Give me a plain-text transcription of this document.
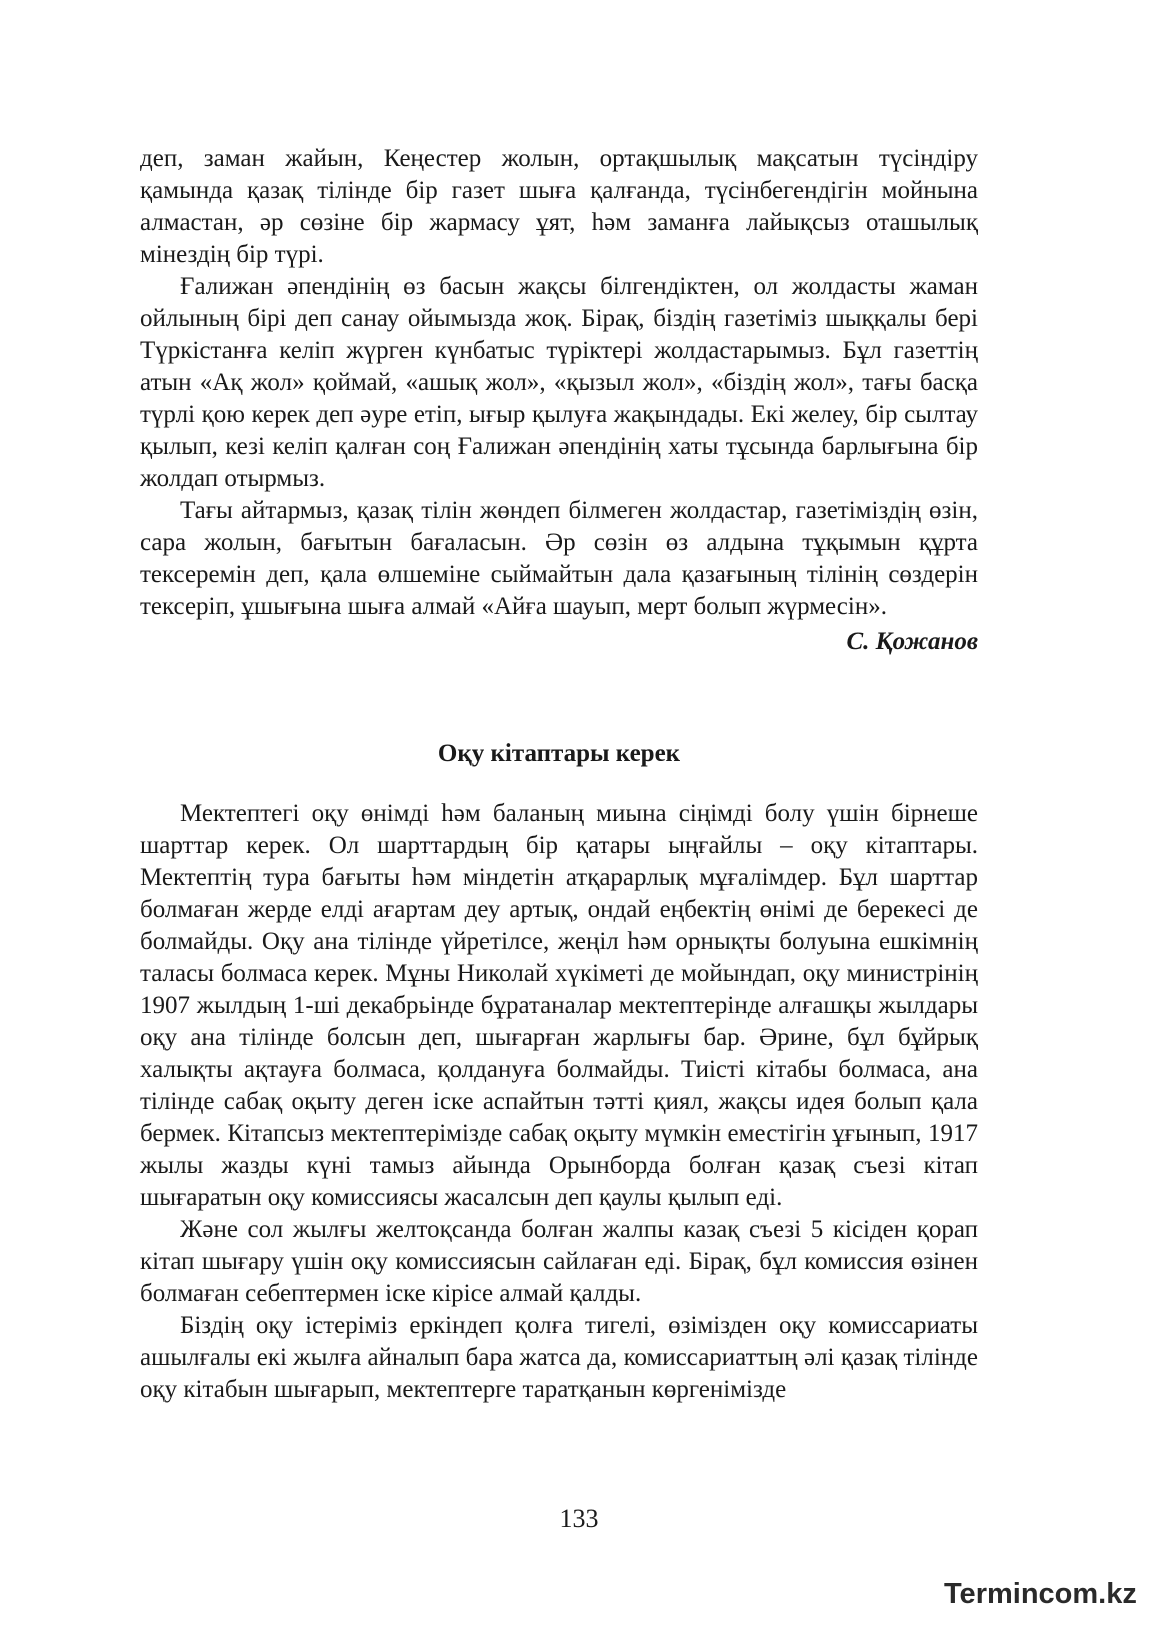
деп, заман жайын, Кеңестер жолын, ортақшылық мақсатын түсіндіру қамында қазақ тілінде бір газет шыға қалғанда, түсінбегендігін мойнына алмастан, әр сөзіне бір жармасу ұят, һәм заманға лайықсыз оташылық мінездің бір түрі.

Ғалижан әпендінің өз басын жақсы білгендіктен, ол жолдасты жаман ойлының бірі деп санау ойымызда жоқ. Бірақ, біздің газетіміз шыққалы бері Түркістанға келіп жүрген күнбатыс түріктері жолдастарымыз. Бұл газеттің атын «Ақ жол» қоймай, «ашық жол», «қызыл жол», «біздің жол», тағы басқа түрлі қою керек деп әуре етіп, ығыр қылуға жақындады. Екі желеу, бір сылтау қылып, кезі келіп қалған соң Ғалижан әпендінің хаты тұсында барлығына бір жолдап отырмыз.

Тағы айтармыз, қазақ тілін жөндеп білмеген жолдастар, газетіміздің өзін, сара жолын, бағытын бағаласын. Әр сөзін өз алдына тұқымын құрта тексеремін деп, қала өлшеміне сыймайтын дала қазағының тілінің сөздерін тексеріп, ұшығына шыға алмай «Айға шауып, мерт болып жүрмесін».

С. Қожанов

Оқу кітаптары керек

Мектептегі оқу өнімді һәм баланың миына сіңімді болу үшін бірнеше шарттар керек. Ол шарттардың бір қатары ыңғайлы – оқу кітаптары. Мектептің тура бағыты һәм міндетін атқарарлық мұғалімдер. Бұл шарттар болмаған жерде елді ағартам деу артық, ондай еңбектің өнімі де берекесі де болмайды. Оқу ана тілінде үйретілсе, жеңіл һәм орнықты болуына ешкімнің таласы болмаса керек. Мұны Николай хүкіметі де мойындап, оқу министрінің 1907 жылдың 1-ші декабрьінде бұратаналар мектептерінде алғашқы жылдары оқу ана тілінде болсын деп, шығарған жарлығы бар. Әрине, бұл бұйрық халықты ақтауға болмаса, қолдануға болмайды. Тиісті кітабы болмаса, ана тілінде сабақ оқыту деген іске аспайтын тәтті қиял, жақсы идея болып қала бермек. Кітапсыз мектептерімізде сабақ оқыту мүмкін еместігін ұғынып, 1917 жылы жазды күні тамыз айында Орынборда болған қазақ съезі кітап шығаратын оқу комиссиясы жасалсын деп қаулы қылып еді.

Және сол жылғы желтоқсанда болған жалпы казақ съезі 5 кісіден қорап кітап шығару үшін оқу комиссиясын сайлаған еді. Бірақ, бұл комиссия өзінен болмаған себептермен іске кірісе алмай қалды.

Біздің оқу істеріміз еркіндеп қолға тигелі, өзімізден оқу комиссариаты ашылғалы екі жылға айналып бара жатса да, комиссариаттың әлі қазақ тілінде оқу кітабын шығарып, мектептерге таратқанын көргенімізде

133
Termincom.kz
